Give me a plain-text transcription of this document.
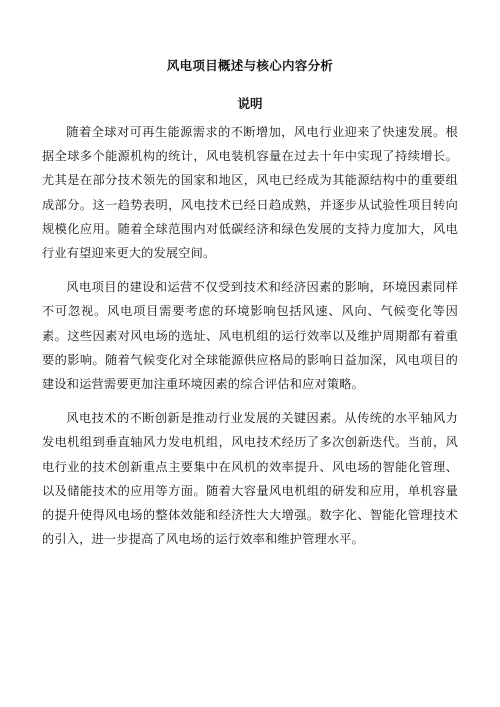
风电项目概述与核心内容分析
说明

随着全球对可再生能源需求的不断增加，风电行业迎来了快速发展。根据全球多个能源机构的统计，风电装机容量在过去十年中实现了持续增长。尤其是在部分技术领先的国家和地区，风电已经成为其能源结构中的重要组成部分。这一趋势表明，风电技术已经日趋成熟，并逐步从试验性项目转向规模化应用。随着全球范围内对低碳经济和绿色发展的支持力度加大，风电行业有望迎来更大的发展空间。

风电项目的建设和运营不仅受到技术和经济因素的影响，环境因素同样不可忽视。风电项目需要考虑的环境影响包括风速、风向、气候变化等因素。这些因素对风电场的选址、风电机组的运行效率以及维护周期都有着重要的影响。随着气候变化对全球能源供应格局的影响日益加深，风电项目的建设和运营需要更加注重环境因素的综合评估和应对策略。

风电技术的不断创新是推动行业发展的关键因素。从传统的水平轴风力发电机组到垂直轴风力发电机组，风电技术经历了多次创新迭代。当前，风电行业的技术创新重点主要集中在风机的效率提升、风电场的智能化管理、以及储能技术的应用等方面。随着大容量风电机组的研发和应用，单机容量的提升使得风电场的整体效能和经济性大大增强。数字化、智能化管理技术的引入，进一步提高了风电场的运行效率和维护管理水平。
